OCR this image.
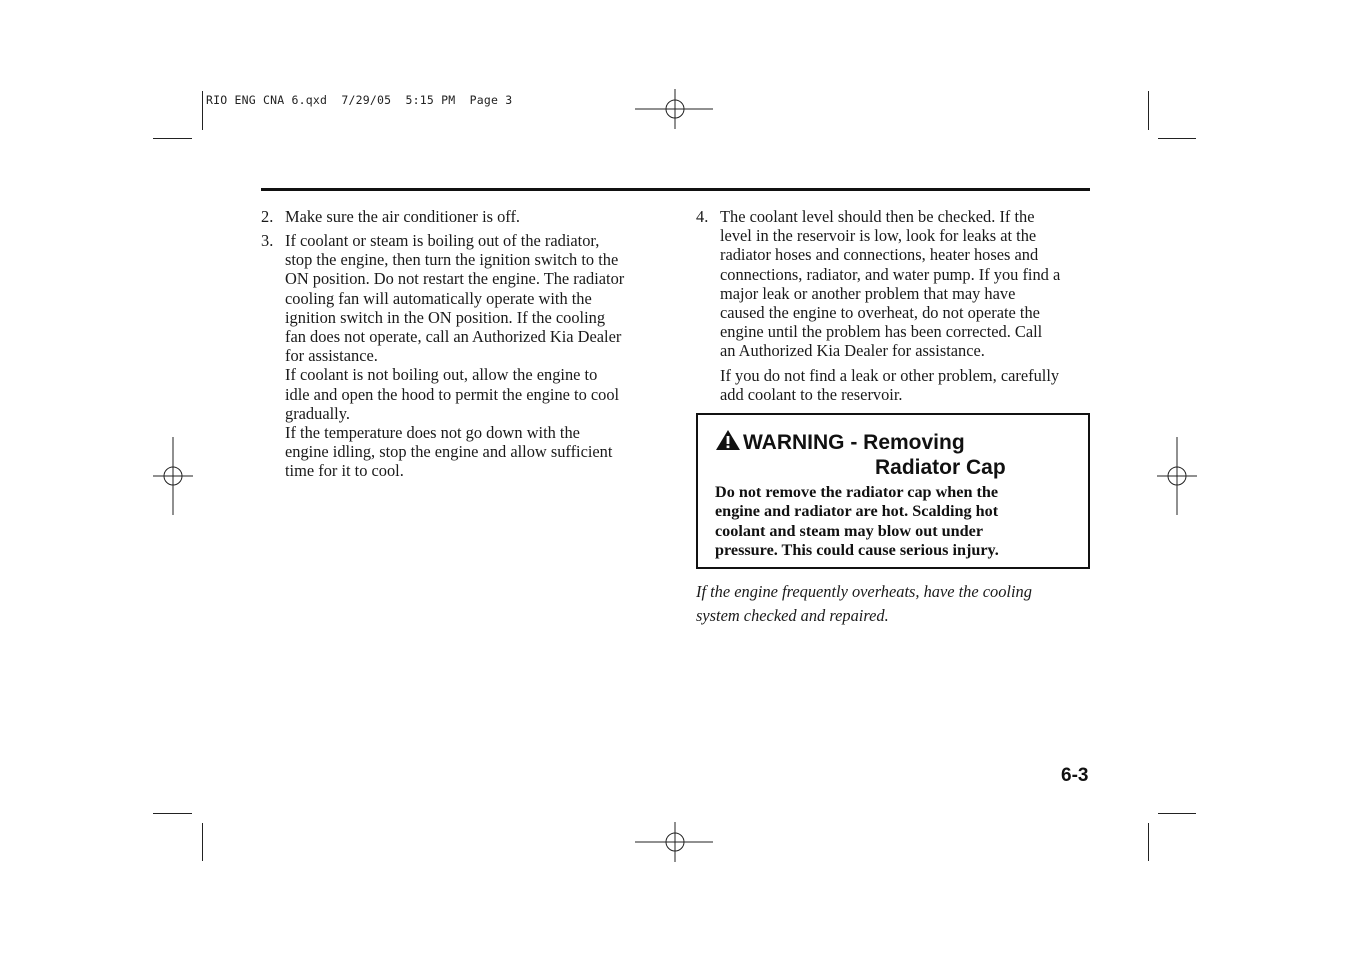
RIO ENG CNA 6.qxd  7/29/05  5:15 PM  Page 3
2. Make sure the air conditioner is off.
3. If coolant or steam is boiling out of the radiator,
stop the engine, then turn the ignition switch to the
ON position. Do not restart the engine. The radiator
cooling fan will automatically operate with the
ignition switch in the ON position. If the cooling
fan does not operate, call an Authorized Kia Dealer
for assistance.
If coolant is not boiling out, allow the engine to
idle and open the hood to permit the engine to cool
gradually.
If the temperature does not go down with the
engine idling, stop the engine and allow sufficient
time for it to cool.
4. The coolant level should then be checked. If the
level in the reservoir is low, look for leaks at the
radiator hoses and connections, heater hoses and
connections, radiator, and water pump. If you find a
major leak or another problem that may have
caused the engine to overheat, do not operate the
engine until the problem has been corrected. Call
an Authorized Kia Dealer for assistance.
If you do not find a leak or other problem, carefully
add coolant to the reservoir.
WARNING - Removing
Radiator Cap
Do not remove the radiator cap when the
engine and radiator are hot. Scalding hot
coolant and steam may blow out under
pressure. This could cause serious injury.
If the engine frequently overheats, have the cooling
system checked and repaired.
6-3
